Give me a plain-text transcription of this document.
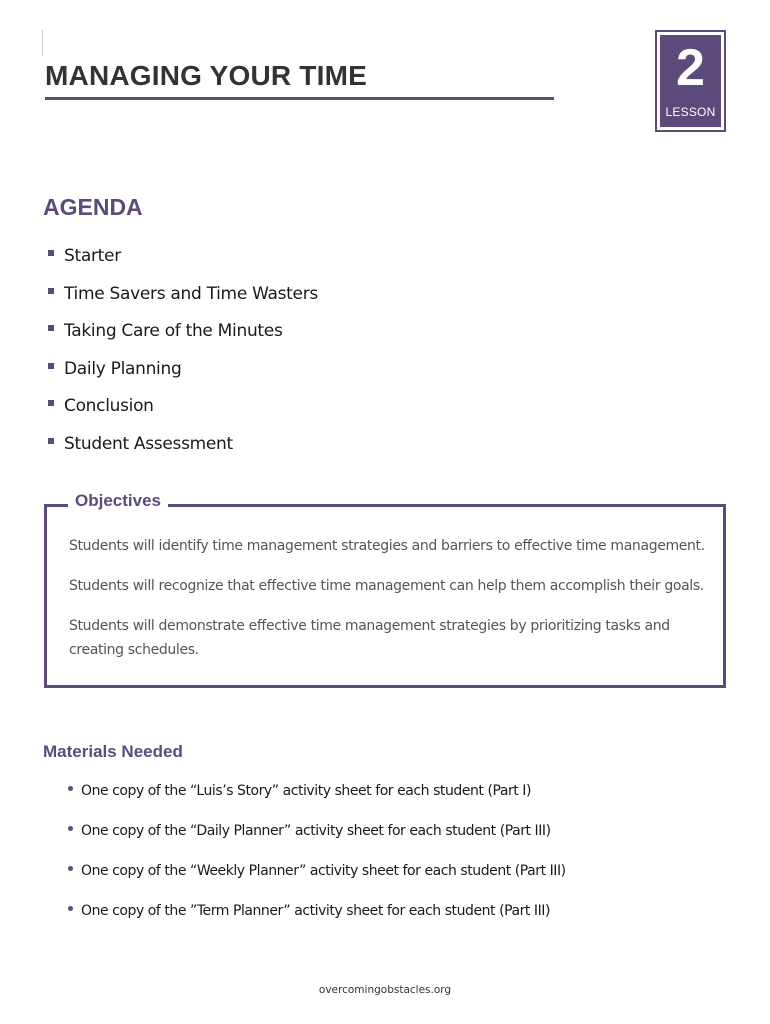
MANAGING YOUR TIME	2
LESSON
AGENDA
Starter
Time Savers and Time Wasters
Taking Care of the Minutes
Daily Planning
Conclusion
Student Assessment
Objectives

Students will identify time management strategies and barriers to effective time management.

Students will recognize that effective time management can help them accomplish their goals.

Students will demonstrate effective time management strategies by prioritizing tasks and creating schedules.

Materials Needed
One copy of the “Luis’s Story” activity sheet for each student (Part I)
One copy of the “Daily Planner” activity sheet for each student (Part III)
One copy of the “Weekly Planner” activity sheet for each student (Part III)
One copy of the ”Term Planner” activity sheet for each student (Part III)
overcomingobstacles.org
